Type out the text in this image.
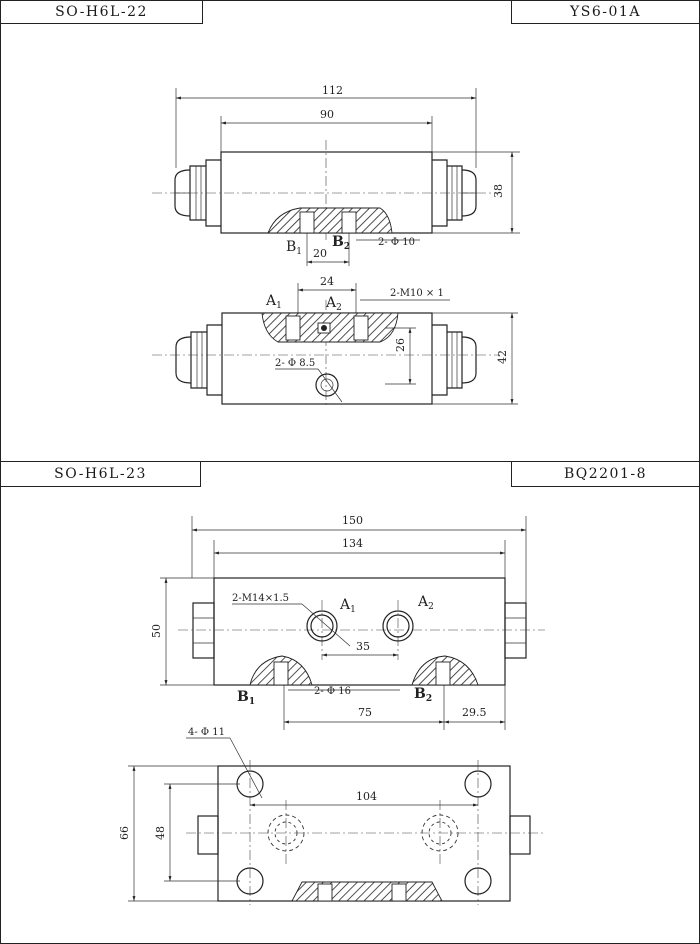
SO-H6L-22	YS6-01A
SO-H6L-23	BQ2201-8
112
90
38
$B_1$
$B_2$
20
2- Φ 10
24
$A_1$	$A_2$
2-M10 × 1
26
42
2- Φ 8.5
150
134
2-M14×1.5	$A_1$	$A_2$
35
50
$B_1$	$B_2$
2- Φ 16
75	29.5
4- Φ 11
104
66 48
